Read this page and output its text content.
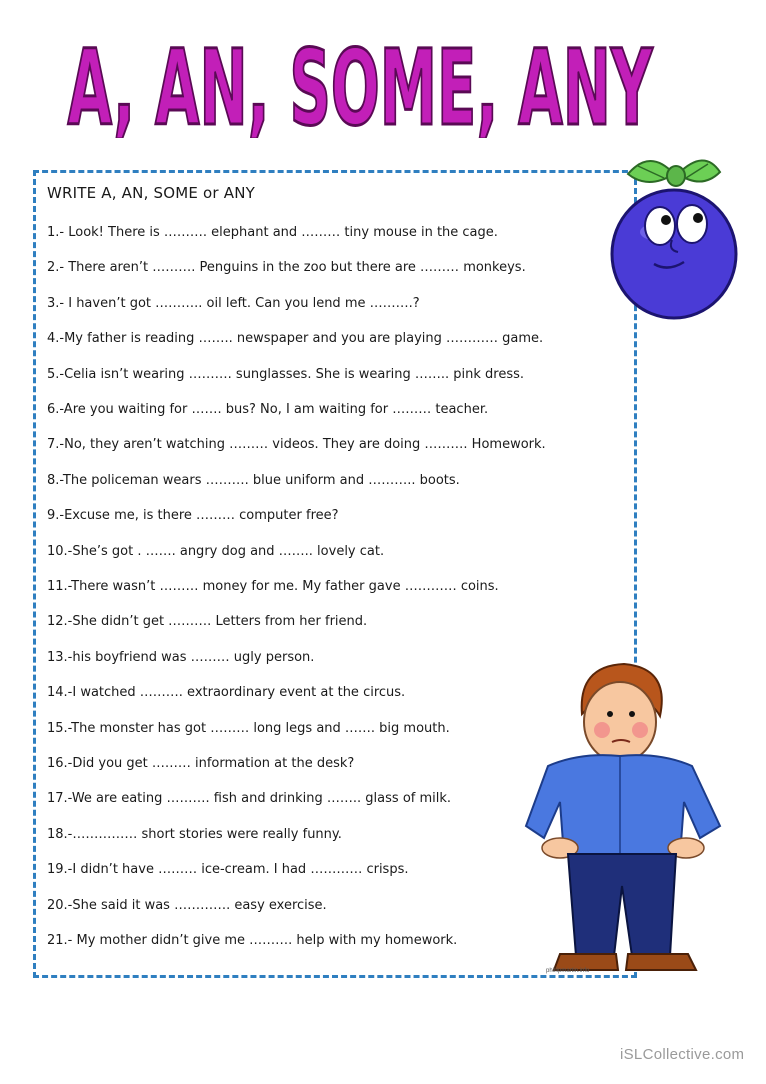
A, AN, SOME, ANY
WRITE A, AN, SOME or ANY
1.- Look! There is ………. elephant and ……… tiny mouse in the cage.
2.- There aren’t ………. Penguins in the zoo but there are ……… monkeys.
3.- I haven’t got ……….. oil left. Can you lend me ……….?
4.-My father is reading …….. newspaper and you are playing ………… game.
5.-Celia isn’t wearing ………. sunglasses. She is wearing …….. pink dress.
6.-Are you waiting for ……. bus? No, I am waiting for ……… teacher.
7.-No, they aren’t watching ……… videos. They are doing ………. Homework.
8.-The policeman wears ………. blue uniform and ……….. boots.
9.-Excuse me, is there ……… computer free?
10.-She’s got . ……. angry dog and …….. lovely cat.
11.-There wasn’t ……… money for me. My father gave ………… coins.
12.-She didn’t get ………. Letters from her friend.
13.-his boyfriend was ……… ugly person.
14.-I watched ………. extraordinary event at the circus.
15.-The monster has got ……… long legs and ……. big mouth.
16.-Did you get ……… information at the desk?
17.-We are eating ………. fish and drinking …….. glass of milk.
18.-…………… short stories were really funny.
19.-I didn’t have ……… ice-cream. I had ………… crisps.
20.-She said it was …………. easy exercise.
21.- My mother didn’t give me ………. help with my homework.
phillipmartin.info
iSLCollective.com
